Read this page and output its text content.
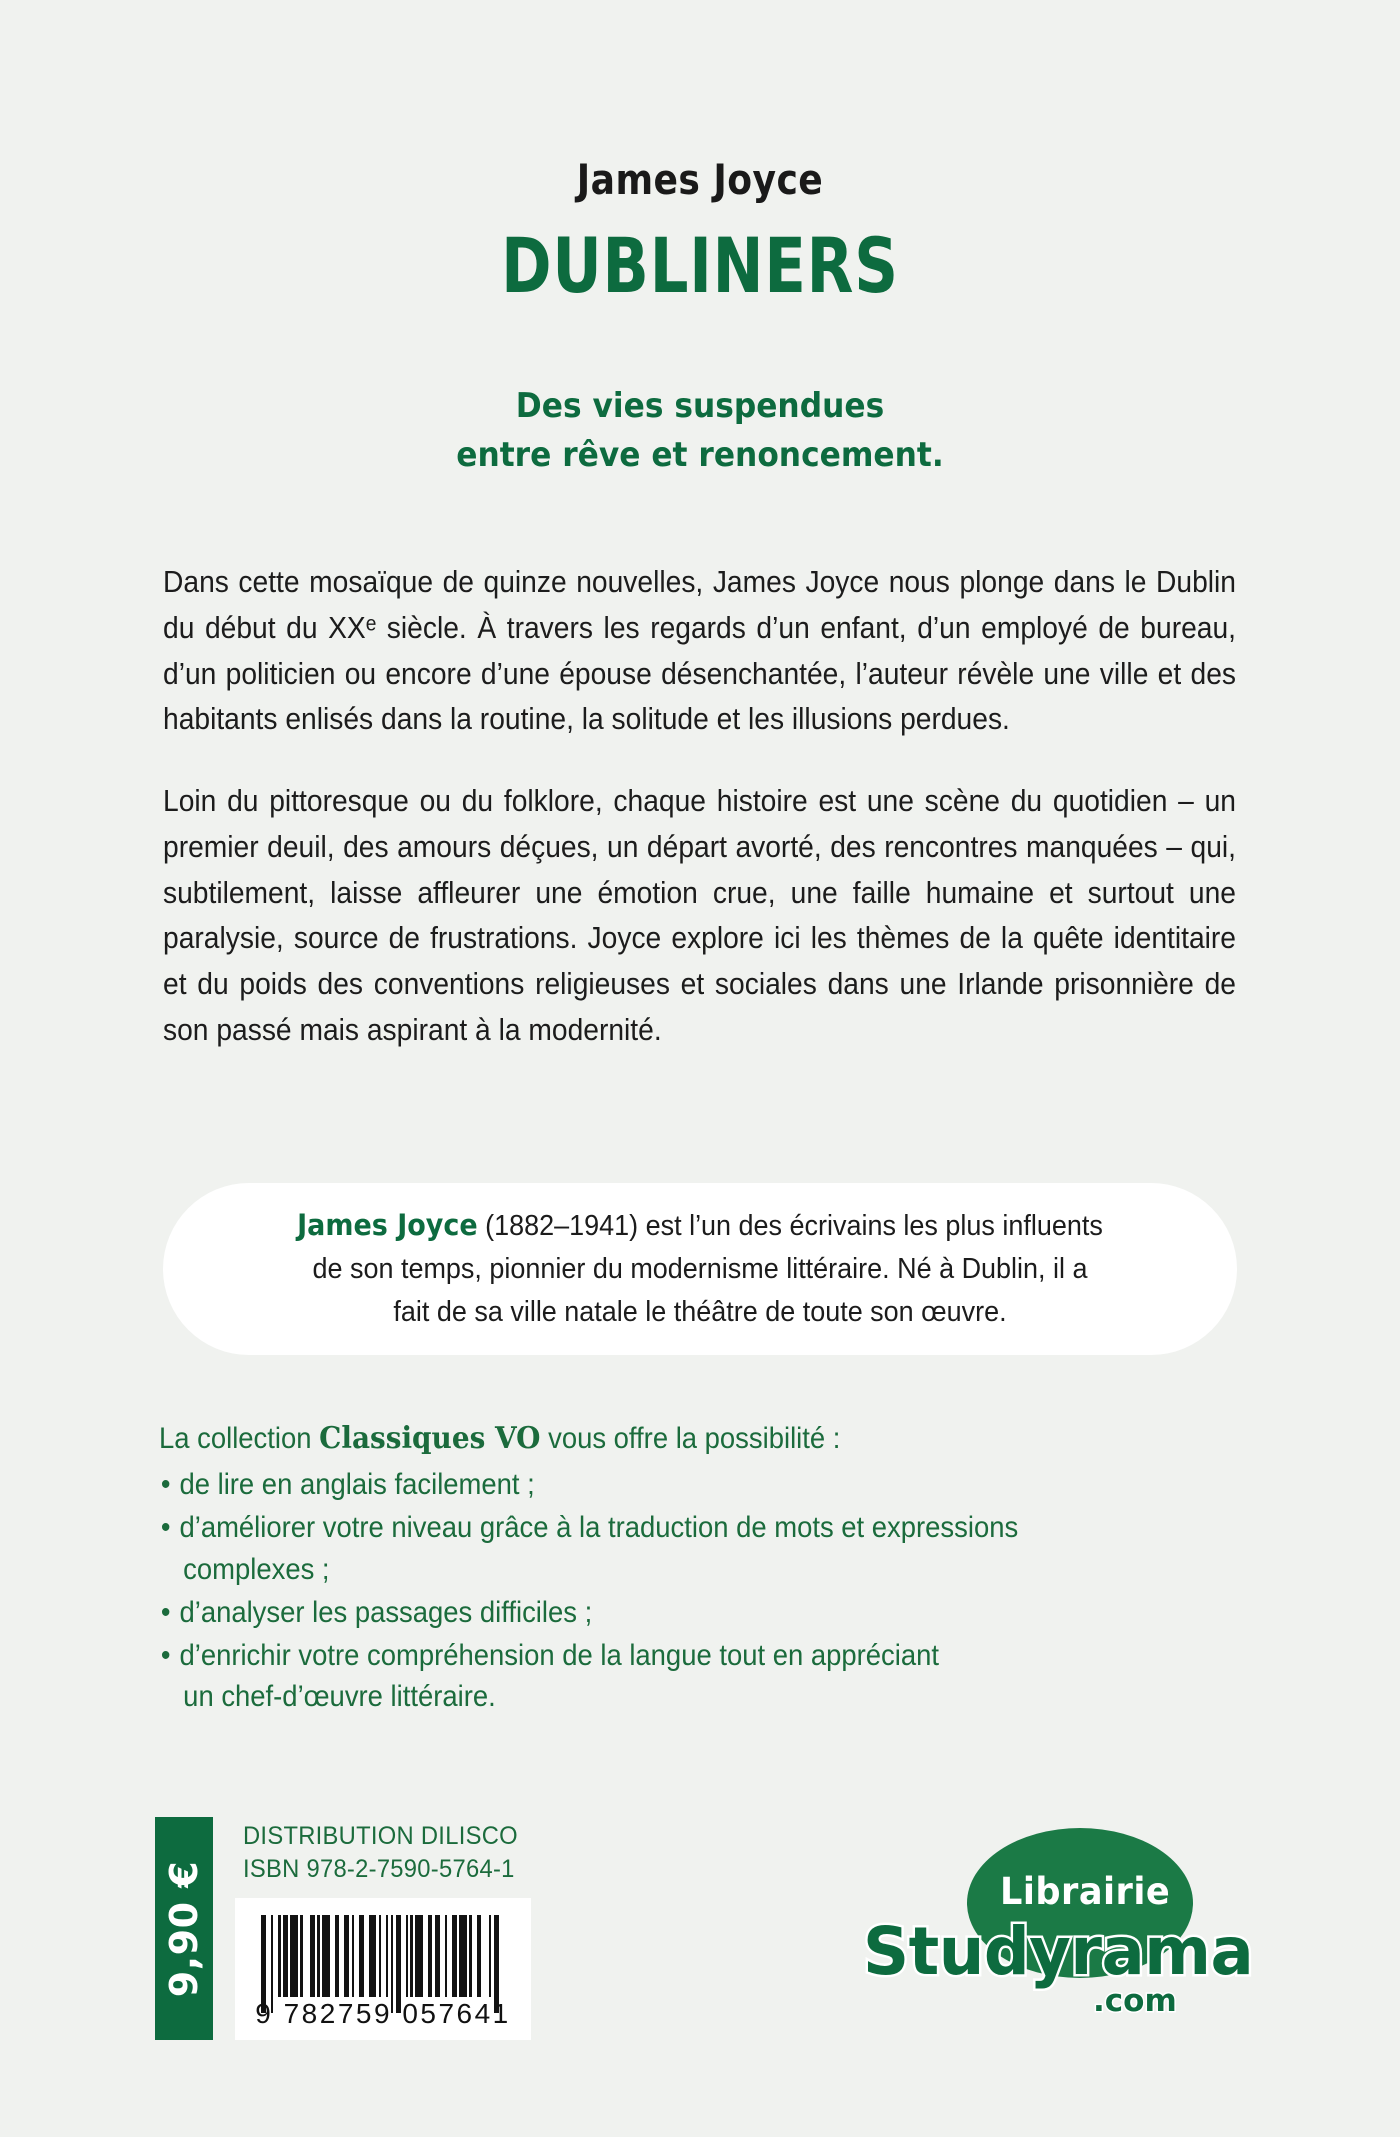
James Joyce
DUBLINERS
Des vies suspendues
entre rêve et renoncement.

Dans cette mosaïque de quinze nouvelles, James Joyce nous plonge dans le Dublin du début du XXᵉ siècle. À travers les regards d’un enfant, d’un employé de bureau, d’un politicien ou encore d’une épouse désenchantée, l’auteur révèle une ville et des habitants enlisés dans la routine, la solitude et les illusions perdues.

Loin du pittoresque ou du folklore, chaque histoire est une scène du quotidien – un premier deuil, des amours déçues, un départ avorté, des rencontres manquées – qui, subtilement, laisse affleurer une émotion crue, une faille humaine et surtout une paralysie, source de frustrations. Joyce explore ici les thèmes de la quête identitaire et du poids des conventions religieuses et sociales dans une Irlande prisonnière de son passé mais aspirant à la modernité.

James Joyce (1882–1941) est l’un des écrivains les plus influents de son temps, pionnier du modernisme littéraire. Né à Dublin, il a fait de sa ville natale le théâtre de toute son œuvre.

La collection Classiques VO vous offre la possibilité :

• de lire en anglais facilement ;
• d’améliorer votre niveau grâce à la traduction de mots et expressions
complexes ;
• d’analyser les passages difficiles ;
• d’enrichir votre compréhension de la langue tout en appréciant
un chef-d’œuvre littéraire.
9,90 €
DISTRIBUTION DILISCO
ISBN 978-2-7590-5764-1
9 782759 057641
Librairie
Studyrama
.com
